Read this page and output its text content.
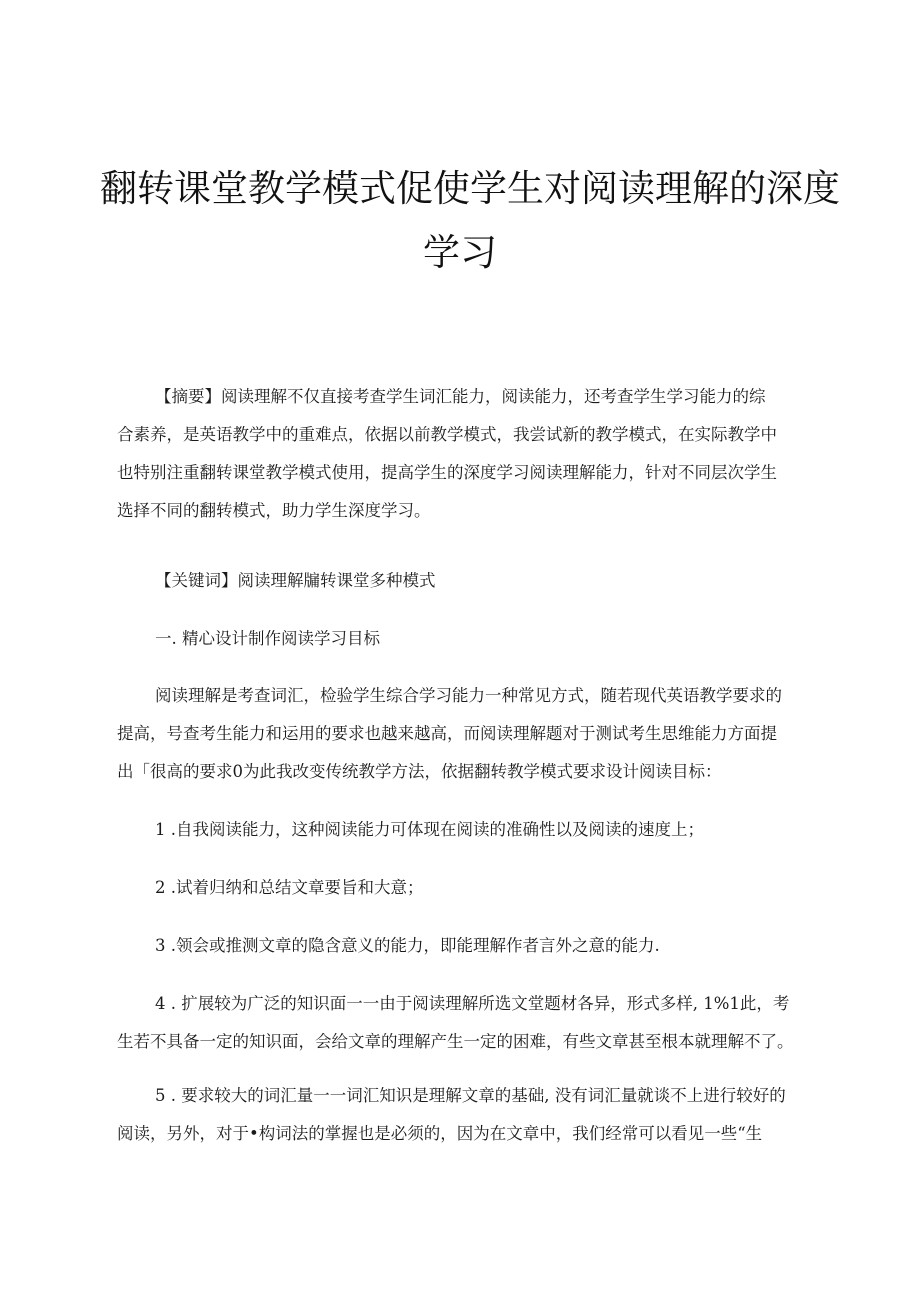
翻转课堂教学模式促使学生对阅读理解的深度
学习
【摘要】阅读理解不仅直接考查学生词汇能力，阅读能力，还考查学生学习能力的综
合素养，是英语教学中的重难点，依据以前教学模式，我尝试新的教学模式，在实际教学中
也特别注重翻转课堂教学模式使用，提高学生的深度学习阅读理解能力，针对不同层次学生
选择不同的翻转模式，助力学生深度学习。
【关键词】阅读理解牖转课堂多种模式
一. 精心设计制作阅读学习目标
阅读理解是考查词汇，检验学生综合学习能力一种常见方式，随若现代英语教学要求的
提高，号查考生能力和运用的要求也越来越高，而阅读理解题对于测试考生思维能力方面提
出「很高的要求0为此我改变传统教学方法，依据翻转教学模式要求设计阅读目标：
1 .自我阅读能力，这种阅读能力可体现在阅读的准确性以及阅读的速度上；
2 .试着归纳和总结文章要旨和大意；
3 .领会或推测文章的隐含意义的能力，即能理解作者言外之意的能力.
4 . 扩展较为广泛的知识面一一由于阅读理解所选文堂题材各异，形式多样, 1%1此，考
生若不具备一定的知识面，会给文章的理解产生一定的困难，有些文章甚至根本就理解不了。
5 . 要求较大的词汇量一一词汇知识是理解文章的基础, 没有词汇量就谈不上进行较好的
阅读，另外，对于•构词法的掌握也是必须的，因为在文章中，我们经常可以看见一些“生
